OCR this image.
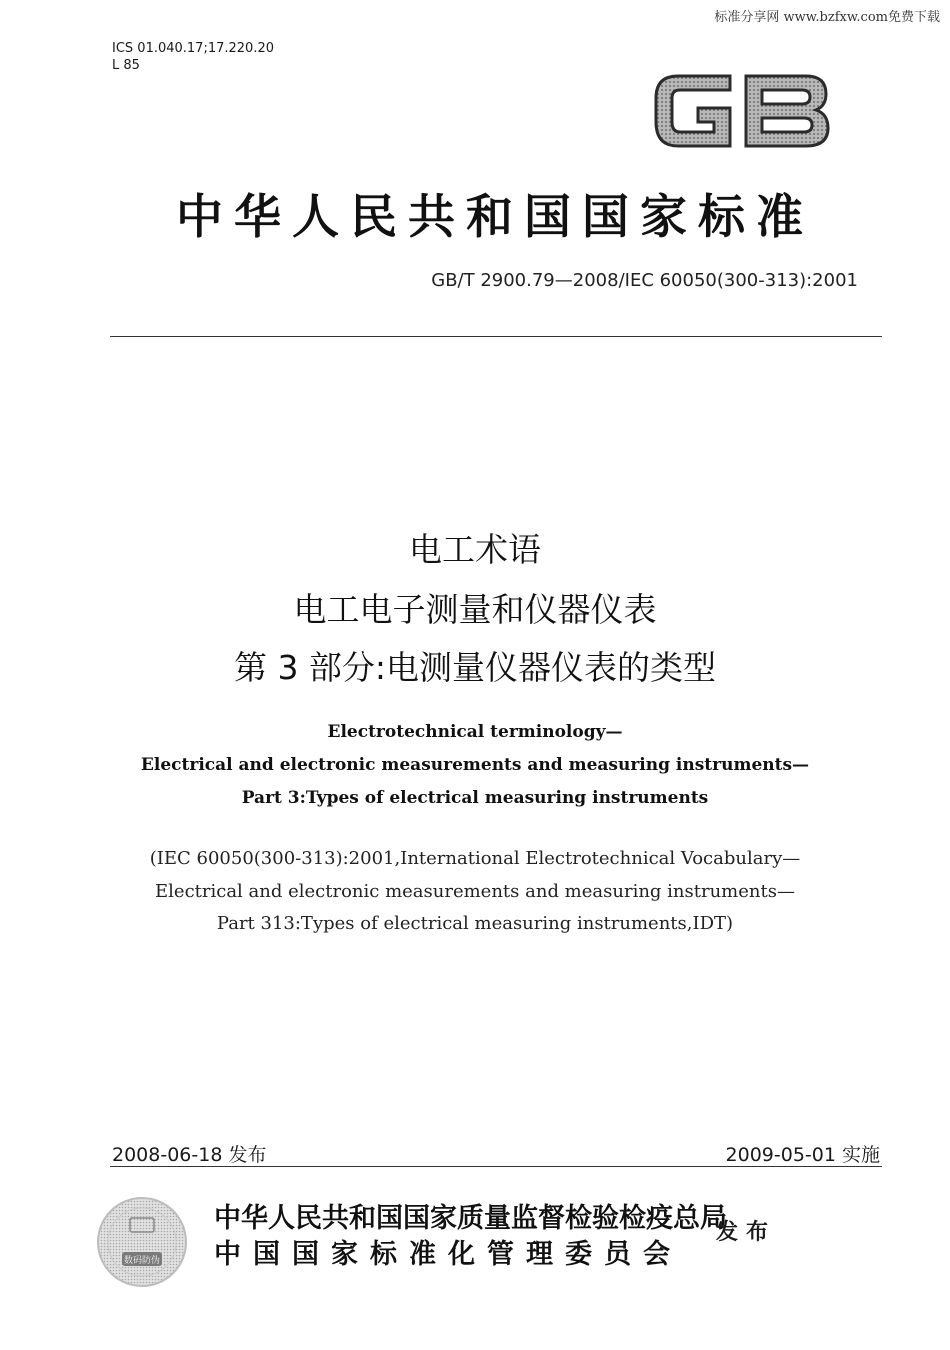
标准分享网 www.bzfxw.com免费下载
ICS 01.040.17;17.220.20
L 85
中华人民共和国国家标准
GB/T 2900.79—2008/IEC 60050(300-313):2001
电工术语
电工电子测量和仪器仪表
第 3 部分:电测量仪器仪表的类型
Electrotechnical terminology—
Electrical and electronic measurements and measuring instruments—
Part 3:Types of electrical measuring instruments
(IEC 60050(300-313):2001,International Electrotechnical Vocabulary—
Electrical and electronic measurements and measuring instruments—
Part 313:Types of electrical measuring instruments,IDT)
2008-06-18 发布	2009-05-01 实施
数码防伪
中华人民共和国国家质量监督检验检疫总局
中国国家标准化管理委员会
发布
